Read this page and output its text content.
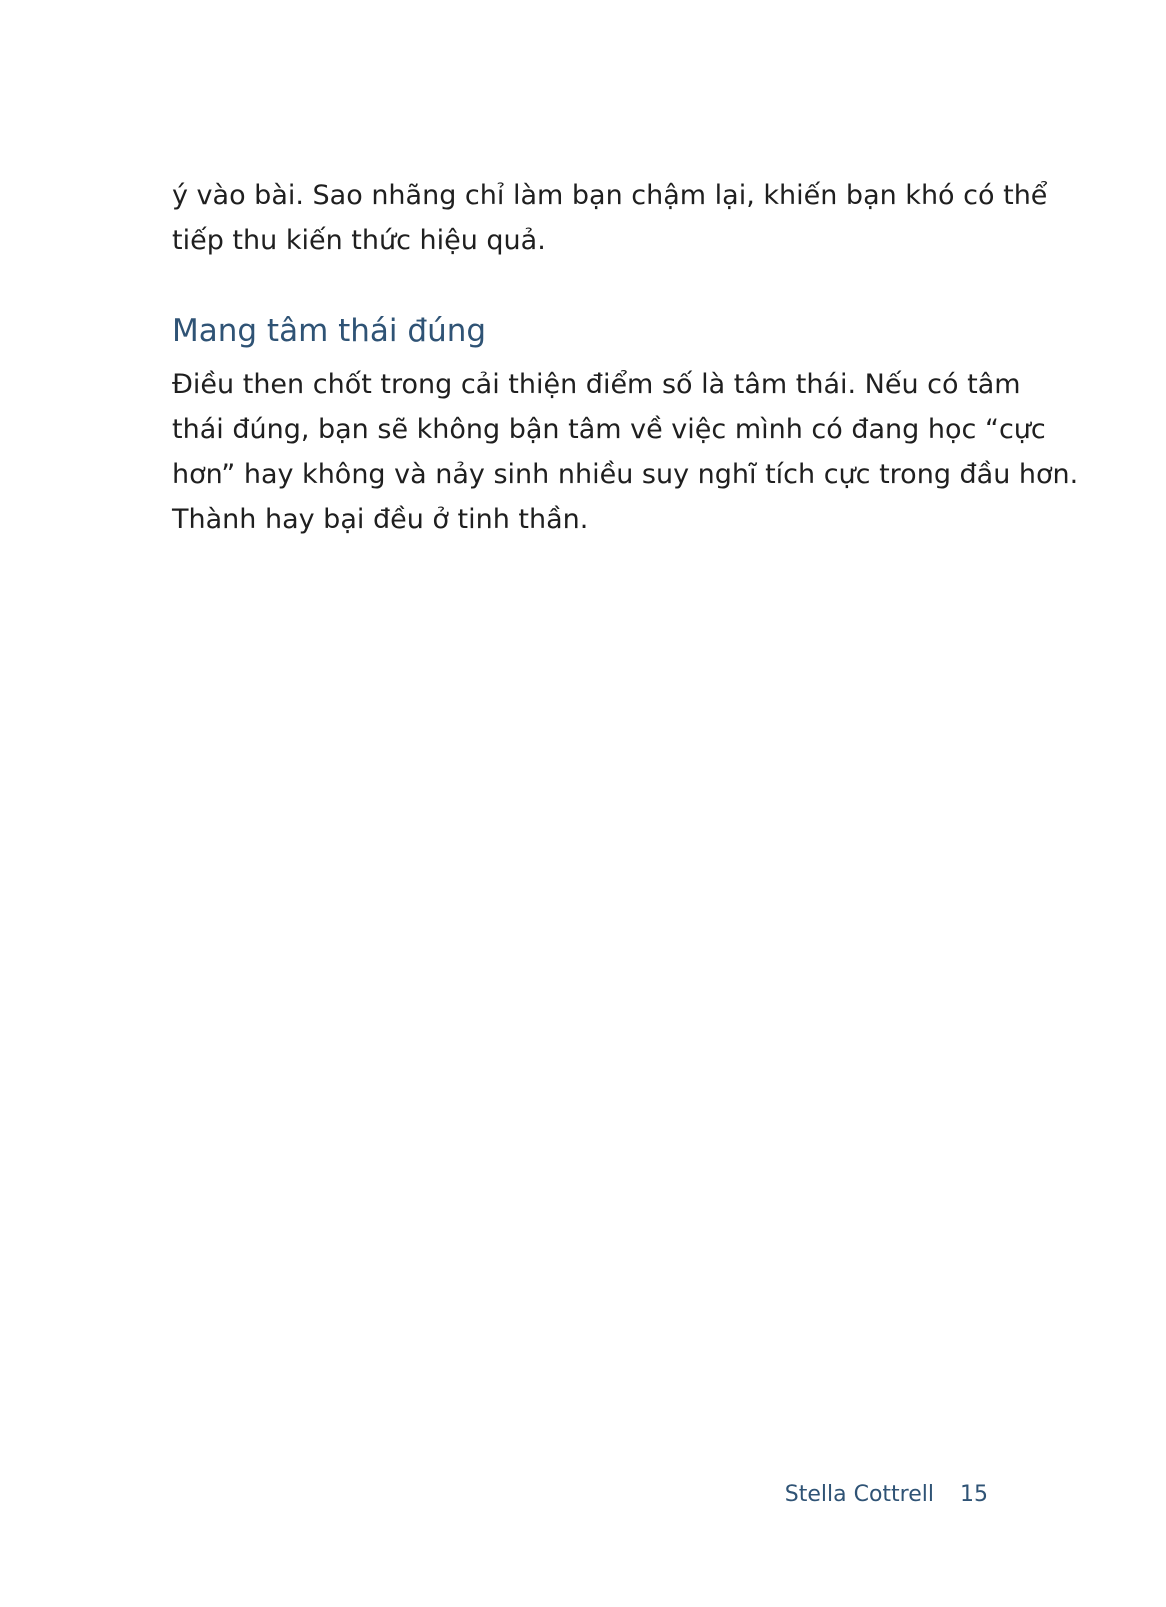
ý vào bài. Sao nhãng chỉ làm bạn chậm lại, khiến bạn khó có thể
tiếp thu kiến thức hiệu quả.
Mang tâm thái đúng
Điều then chốt trong cải thiện điểm số là tâm thái. Nếu có tâm
thái đúng, bạn sẽ không bận tâm về việc mình có đang học “cực
hơn” hay không và nảy sinh nhiều suy nghĩ tích cực trong đầu hơn.
Thành hay bại đều ở tinh thần.
Stella Cottrell 15
